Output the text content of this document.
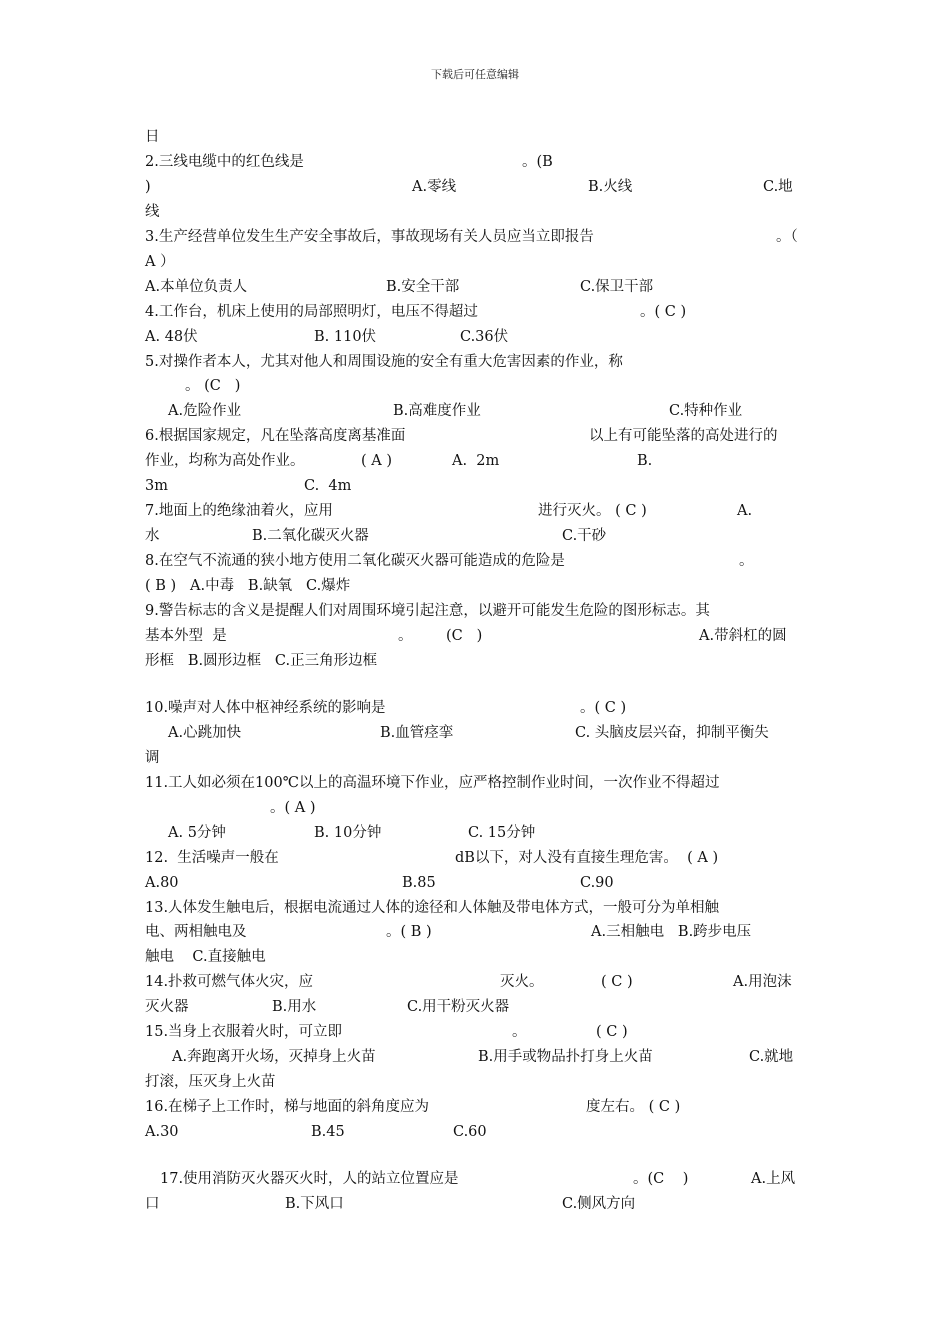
下载后可任意编辑
日
2.三线电缆中的红色线是	。(B
)	A.零线	B.火线	C.地
线
3.生产经营单位发生生产安全事故后，事故现场有关人员应当立即报告	。（
A ）
A.本单位负责人	B.安全干部	C.保卫干部
4.工作台，机床上使用的局部照明灯，电压不得超过	。( C )
A. 48伏	B. 110伏	C.36伏
5.对操作者本人，尤其对他人和周围设施的安全有重大危害因素的作业，称
。 (C   )
A.危险作业	B.高难度作业	C.特种作业
6.根据国家规定，凡在坠落高度离基准面	以上有可能坠落的高处进行的
作业，均称为高处作业。	( A )	A.  2m	B.
3m	C.  4m
7.地面上的绝缘油着火，应用	进行灭火。 ( C )	A.
水	B.二氧化碳灭火器	C.干砂
8.在空气不流通的狭小地方使用二氧化碳灭火器可能造成的危险是	。
( B )   A.中毒   B.缺氧   C.爆炸
9.警告标志的含义是提醒人们对周围环境引起注意，以避开可能发生危险的图形标志。其
基本外型  是	。 (C   )	A.带斜杠的圆
形框   B.圆形边框   C.正三角形边框
10.噪声对人体中枢神经系统的影响是	。( C )
A.心跳加快	B.血管痉挛	C. 头脑皮层兴奋，抑制平衡失
调
11.工人如必须在100℃以上的高温环境下作业，应严格控制作业时间，一次作业不得超过
。( A )
A. 5分钟	B. 10分钟	C. 15分钟
12.  生活噪声一般在	dB以下，对人没有直接生理危害。  ( A )
A.80	B.85	C.90
13.人体发生触电后，根据电流通过人体的途径和人体触及带电体方式，一般可分为单相触
电、两相触电及	。( B )	A.三相触电   B.跨步电压
触电    C.直接触电
14.扑救可燃气体火灾，应	灭火。	( C )	A.用泡沫
灭火器	B.用水	C.用干粉灭火器
15.当身上衣服着火时，可立即	。	( C )
A.奔跑离开火场，灭掉身上火苗	B.用手或物品扑打身上火苗	C.就地
打滚，压灭身上火苗
16.在梯子上工作时，梯与地面的斜角度应为	度左右。 ( C )
A.30	B.45	C.60
17.使用消防灭火器灭火时，人的站立位置应是	。(C    )	A.上风
口	B.下风口	C.侧风方向
